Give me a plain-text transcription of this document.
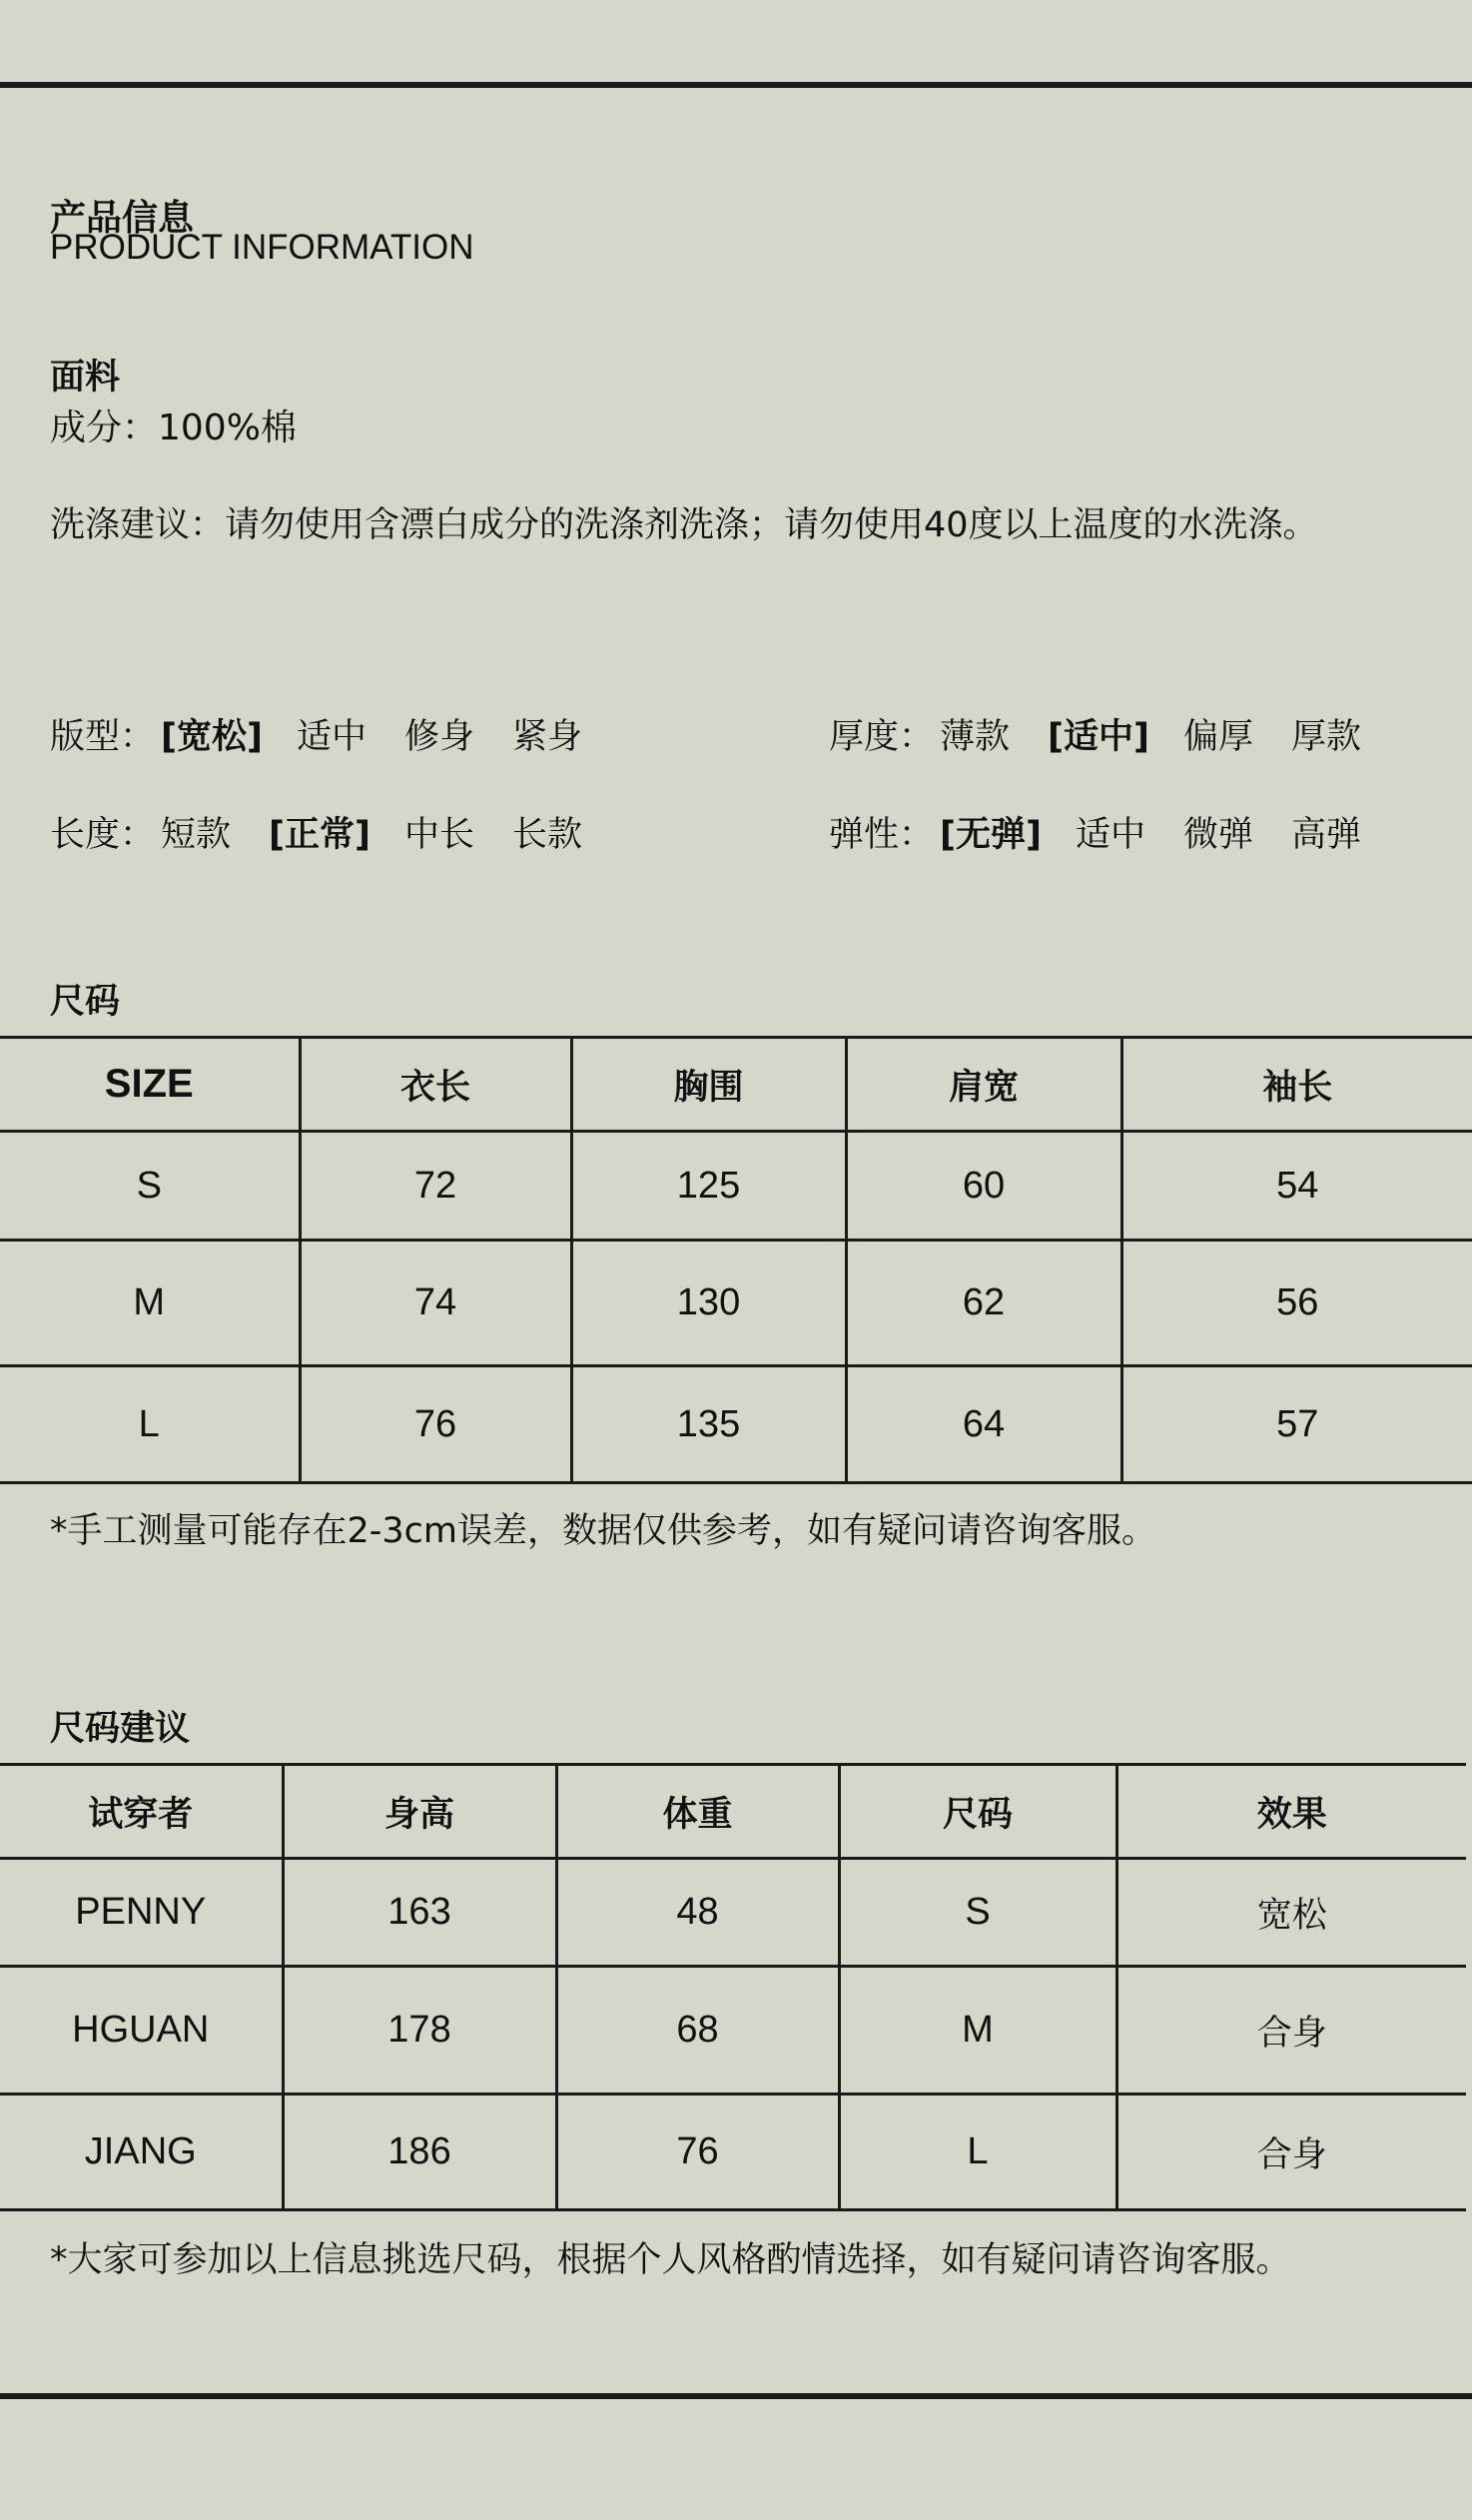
产品信息
PRODUCT INFORMATION
面料
成分：100%棉
洗涤建议：请勿使用含漂白成分的洗涤剂洗涤；请勿使用40度以上温度的水洗涤。
版型： [宽松] 适中 修身 紧身	厚度： 薄款 [适中] 偏厚 厚款
长度： 短款 [正常] 中长 长款	弹性： [无弹] 适中 微弹 高弹
尺码
SIZE	衣长	胸围	肩宽	袖长
S	72	125	60	54
M	74	130	62	56
L	76	135	64	57
*手工测量可能存在2-3cm误差，数据仅供参考，如有疑问请咨询客服。
尺码建议
试穿者	身高	体重	尺码	效果
PENNY	163	48	S	宽松
HGUAN	178	68	M	合身
JIANG	186	76	L	合身
*大家可参加以上信息挑选尺码，根据个人风格酌情选择，如有疑问请咨询客服。
